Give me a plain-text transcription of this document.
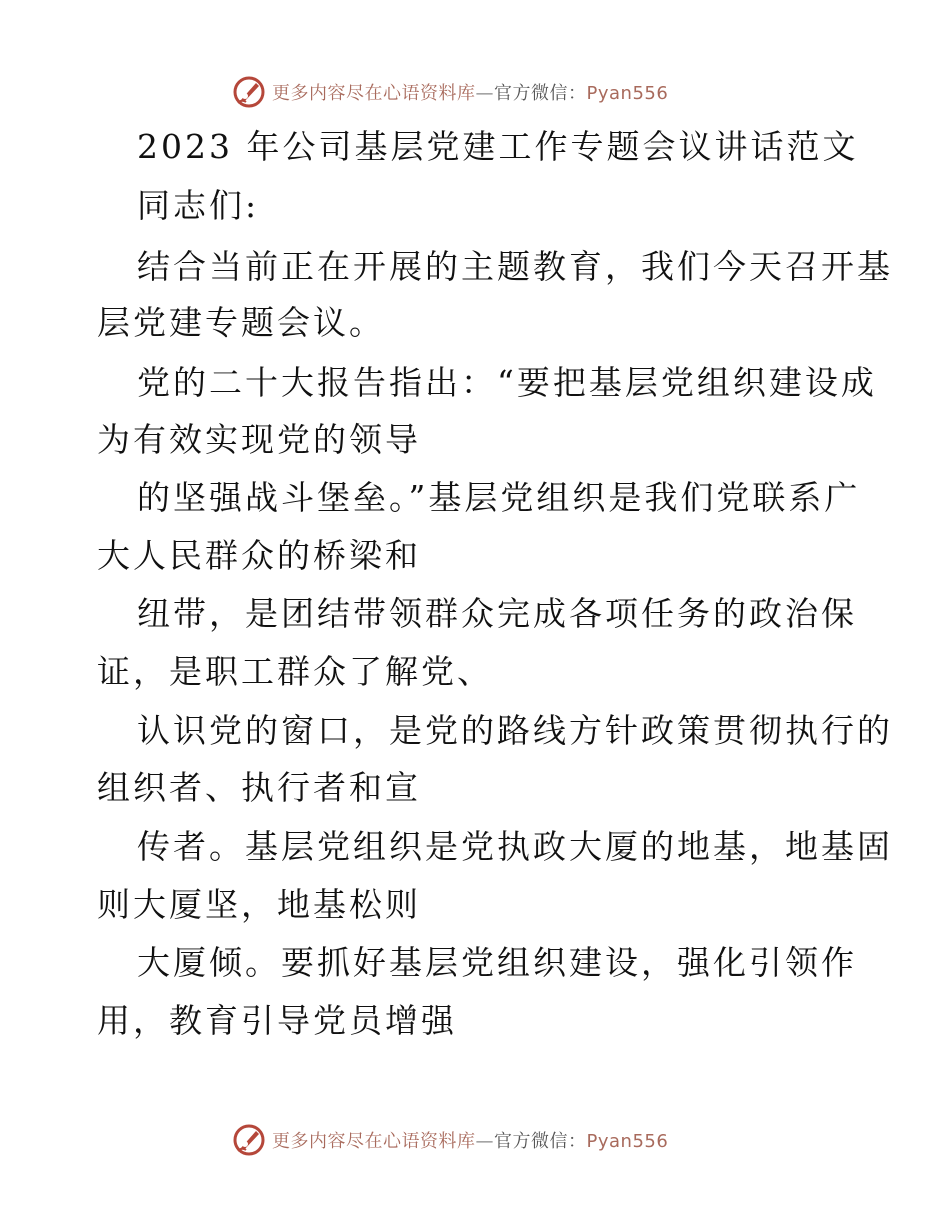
更多内容尽在心语资料库—官方微信：Pyan556
2023 年公司基层党建工作专题会议讲话范文
同志们:
结合当前正在开展的主题教育，我们今天召开基
层党建专题会议。
党的二十大报告指出：“要把基层党组织建设成
为有效实现党的领导
的坚强战斗堡垒。”基层党组织是我们党联系广
大人民群众的桥梁和
纽带，是团结带领群众完成各项任务的政治保
证，是职工群众了解党、
认识党的窗口，是党的路线方针政策贯彻执行的
组织者、执行者和宣
传者。基层党组织是党执政大厦的地基，地基固
则大厦坚，地基松则
大厦倾。要抓好基层党组织建设，强化引领作
用，教育引导党员增强
更多内容尽在心语资料库—官方微信：Pyan556
